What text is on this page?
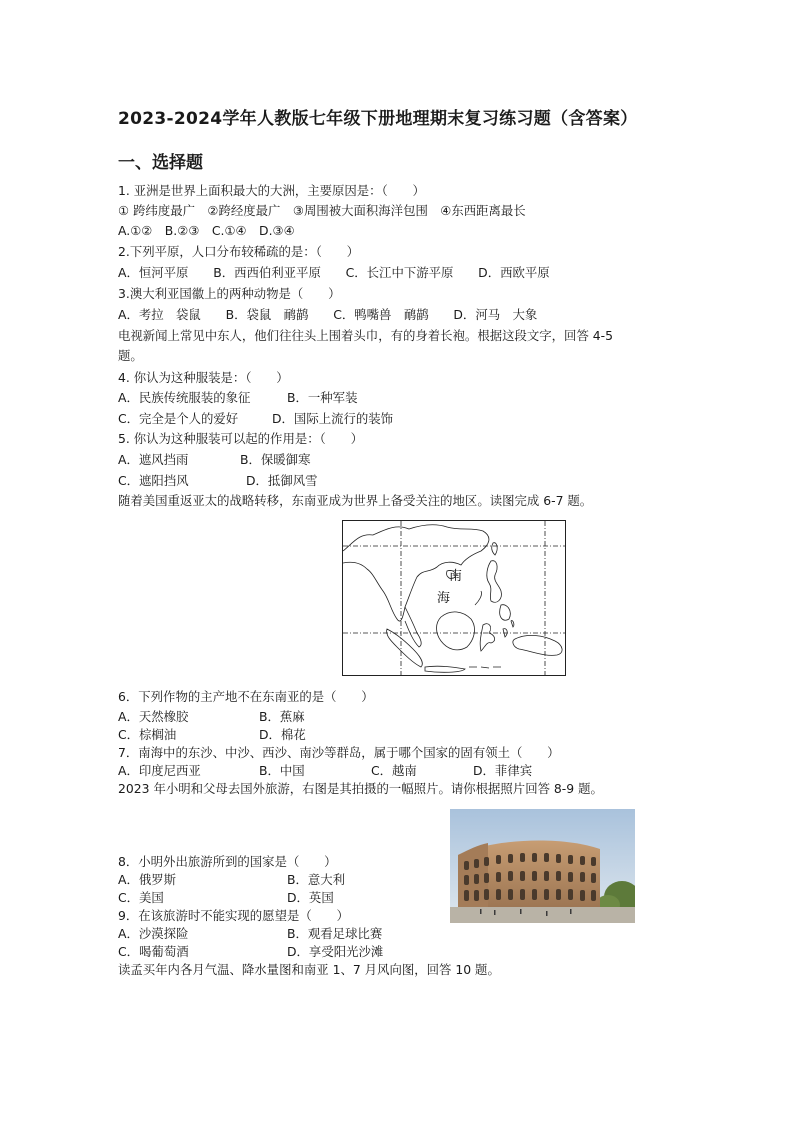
2023-2024学年人教版七年级下册地理期末复习练习题（含答案）
一、选择题
1. 亚洲是世界上面积最大的大洲，主要原因是：（　　）
① 跨纬度最广　②跨经度最广　③周围被大面积海洋包围　④东西距离最长
A.①②　B.②③　C.①④　D.③④
2.下列平原，人口分布较稀疏的是：（　　）
A．恒河平原　　B．西西伯利亚平原　　C．长江中下游平原　　D．西欧平原
3.澳大利亚国徽上的两种动物是（　　）
A．考拉　袋鼠　　B．袋鼠　鸸鹋　　C．鸭嘴兽　鸸鹋　　D．河马　大象
电视新闻上常见中东人，他们往往头上围着头巾，有的身着长袍。根据这段文字，回答 4-5
题。
4. 你认为这种服装是：（　　）
A．民族传统服装的象征	B．一种军装
C．完全是个人的爱好	D．国际上流行的装饰
5. 你认为这种服装可以起的作用是：（　　）
A．遮风挡雨	B．保暖御寒
C．遮阳挡风	D．抵御风雪
随着美国重返亚太的战略转移，东南亚成为世界上备受关注的地区。读图完成 6-7 题。
南
海
6．下列作物的主产地不在东南亚的是（　　）
A．天然橡胶	B．蕉麻
C．棕榈油	D．棉花
7．南海中的东沙、中沙、西沙、南沙等群岛，属于哪个国家的固有领土（　　）
A．印度尼西亚	B．中国	C．越南	D．菲律宾
2023 年小明和父母去国外旅游，右图是其拍摄的一幅照片。请你根据照片回答 8-9 题。
8．小明外出旅游所到的国家是（　　）
A．俄罗斯	B．意大利
C．美国	D．英国
9．在该旅游时不能实现的愿望是（　　）
A．沙漠探险	B．观看足球比赛
C．喝葡萄酒	D．享受阳光沙滩
读孟买年内各月气温、降水量图和南亚 1、7 月风向图，回答 10 题。
